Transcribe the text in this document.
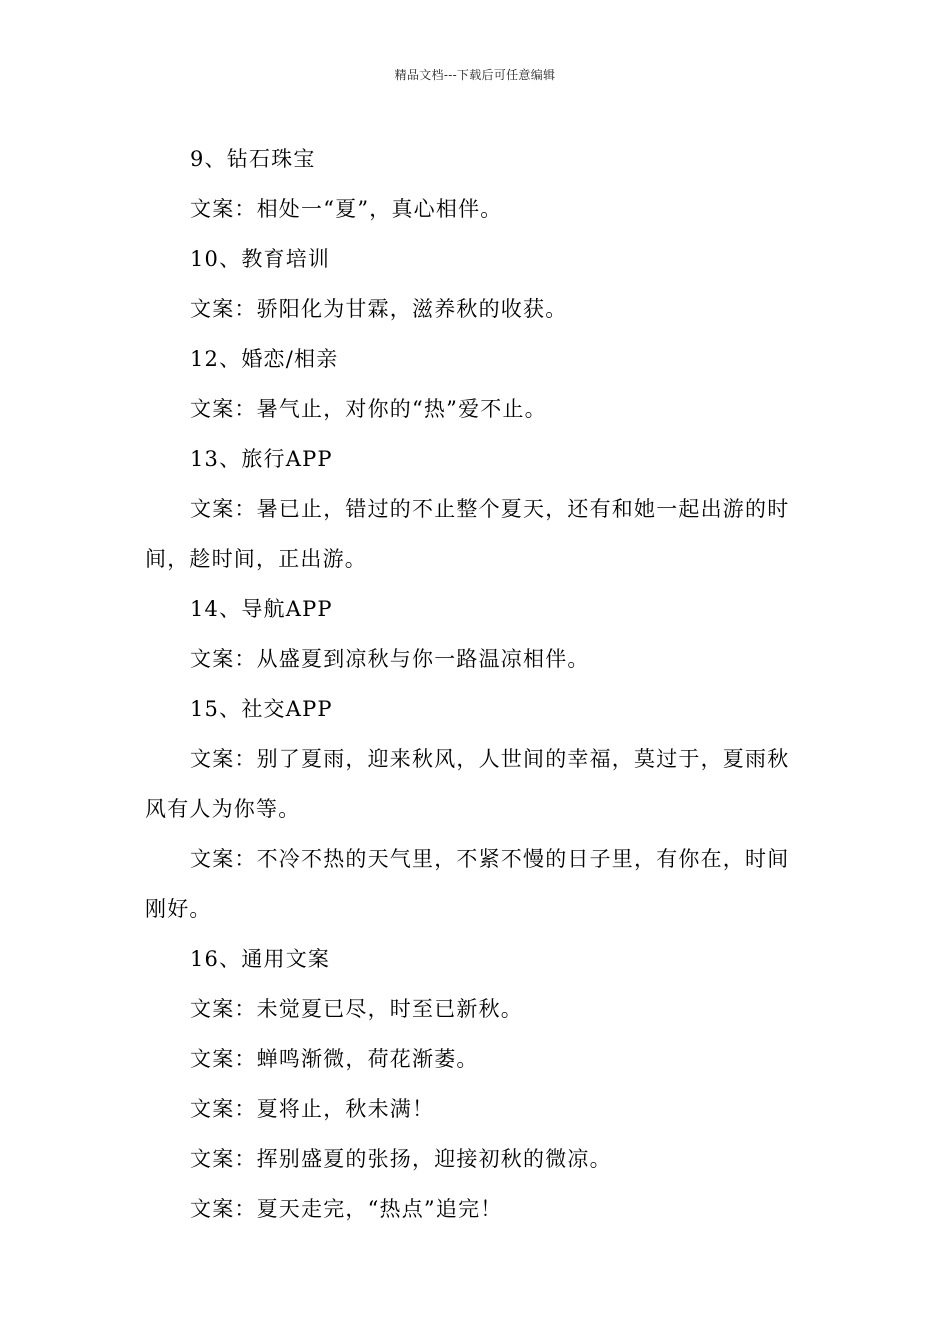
精品文档---下载后可任意编辑

9、钻石珠宝

文案：相处一“夏”，真心相伴。

10、教育培训

文案：骄阳化为甘霖，滋养秋的收获。

12、婚恋/相亲

文案：暑气止，对你的“热”爱不止。

13、旅行APP

文案：暑已止，错过的不止整个夏天，还有和她一起出游的时间，趁时间，正出游。

14、导航APP

文案：从盛夏到凉秋与你一路温凉相伴。

15、社交APP

文案：别了夏雨，迎来秋风，人世间的幸福，莫过于，夏雨秋风有人为你等。

文案：不冷不热的天气里，不紧不慢的日子里，有你在，时间刚好。

16、通用文案

文案：未觉夏已尽，时至已新秋。

文案：蝉鸣渐微，荷花渐萎。

文案：夏将止，秋未满！

文案：挥别盛夏的张扬，迎接初秋的微凉。

文案：夏天走完，“热点”追完！
